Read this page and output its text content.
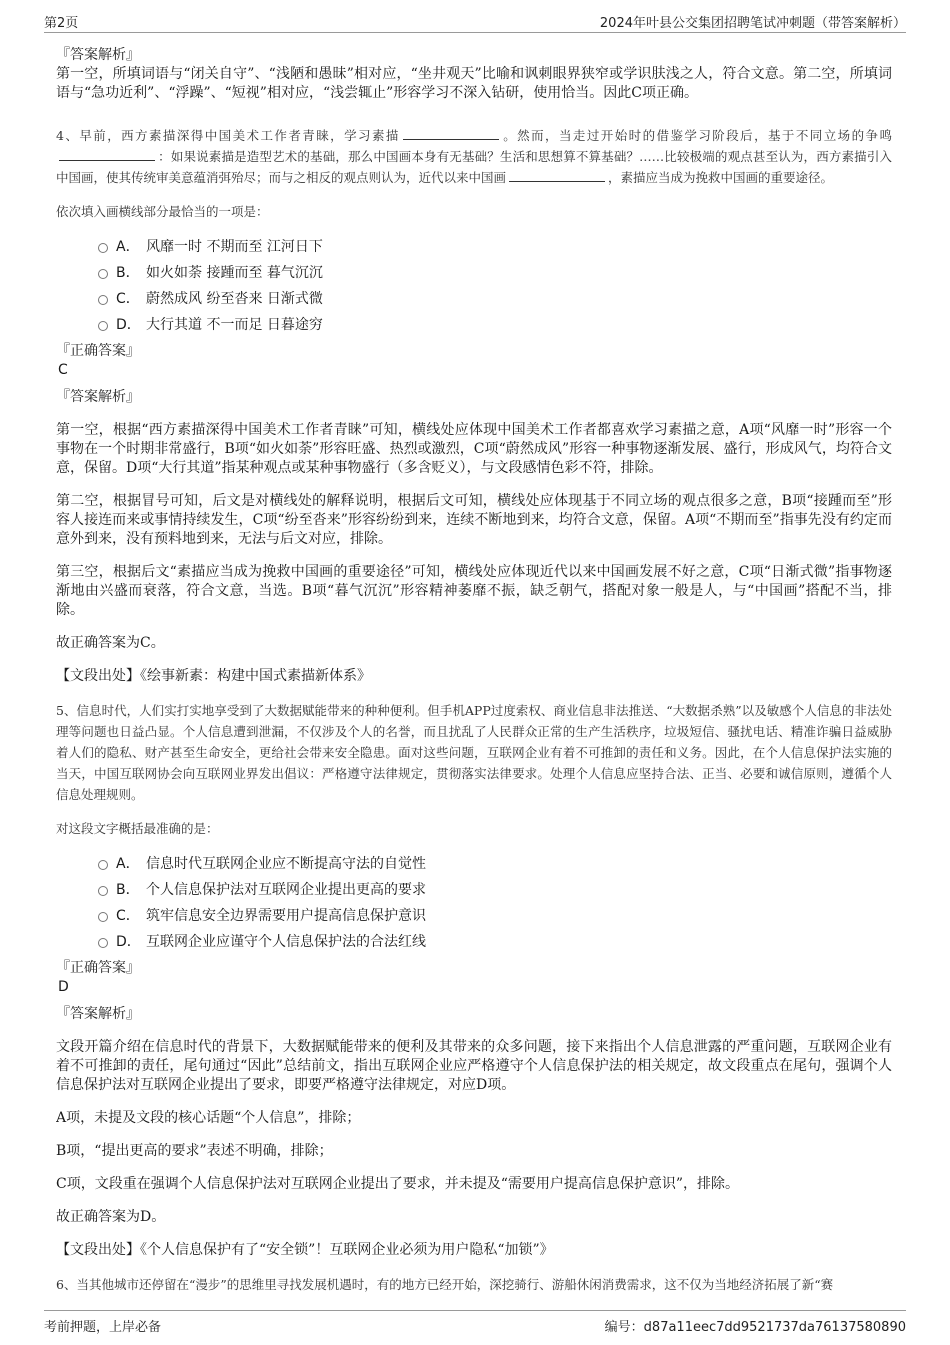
第2页	2024年叶县公交集团招聘笔试冲刺题（带答案解析）
『答案解析』

第一空，所填词语与“闭关自守”、“浅陋和愚昧”相对应，“坐井观天”比喻和讽刺眼界狭窄或学识肤浅之人，符合文意。第二空，所填词语与“急功近利”、“浮躁”、“短视”相对应，“浅尝辄止”形容学习不深入钻研，使用恰当。因此C项正确。

4、早前，西方素描深得中国美术工作者青睐，学习素描	。然而，当走过开始时的借鉴学习阶段后，基于不同立场的争鸣：如果说素描是造型艺术的基础，那么中国画本身有无基础？生活和思想算不算基础？……比较极端的观点甚至认为，西方素描引入中国画，使其传统审美意蕴消弭殆尽；而与之相反的观点则认为，近代以来中国画	，素描应当成为挽救中国画的重要途径。

依次填入画横线部分最恰当的一项是：

A． 风靡一时 不期而至 江河日下
B． 如火如荼 接踵而至 暮气沉沉
C． 蔚然成风 纷至沓来 日渐式微
D． 大行其道 不一而足 日暮途穷
『正确答案』
C
『答案解析』

第一空，根据“西方素描深得中国美术工作者青睐”可知，横线处应体现中国美术工作者都喜欢学习素描之意，A项“风靡一时”形容一个事物在一个时期非常盛行，B项“如火如荼”形容旺盛、热烈或激烈，C项“蔚然成风”形容一种事物逐渐发展、盛行，形成风气，均符合文意，保留。D项“大行其道”指某种观点或某种事物盛行（多含贬义），与文段感情色彩不符，排除。

第二空，根据冒号可知，后文是对横线处的解释说明，根据后文可知，横线处应体现基于不同立场的观点很多之意，B项“接踵而至”形容人接连而来或事情持续发生，C项“纷至沓来”形容纷纷到来，连续不断地到来，均符合文意，保留。A项“不期而至”指事先没有约定而意外到来，没有预料地到来，无法与后文对应，排除。

第三空，根据后文“素描应当成为挽救中国画的重要途径”可知，横线处应体现近代以来中国画发展不好之意，C项“日渐式微”指事物逐渐地由兴盛而衰落，符合文意，当选。B项“暮气沉沉”形容精神萎靡不振，缺乏朝气，搭配对象一般是人，与“中国画”搭配不当，排除。

故正确答案为C。

【文段出处】《绘事新素：构建中国式素描新体系》

5、信息时代，人们实打实地享受到了大数据赋能带来的种种便利。但手机APP过度索权、商业信息非法推送、“大数据杀熟”以及敏感个人信息的非法处理等问题也日益凸显。个人信息遭到泄漏，不仅涉及个人的名誉，而且扰乱了人民群众正常的生产生活秩序，垃圾短信、骚扰电话、精准诈骗日益威胁着人们的隐私、财产甚至生命安全，更给社会带来安全隐患。面对这些问题，互联网企业有着不可推卸的责任和义务。因此，在个人信息保护法实施的当天，中国互联网协会向互联网业界发出倡议：严格遵守法律规定，贯彻落实法律要求。处理个人信息应坚持合法、正当、必要和诚信原则，遵循个人信息处理规则。

对这段文字概括最准确的是：

A． 信息时代互联网企业应不断提高守法的自觉性
B． 个人信息保护法对互联网企业提出更高的要求
C． 筑牢信息安全边界需要用户提高信息保护意识
D． 互联网企业应谨守个人信息保护法的合法红线
『正确答案』
D
『答案解析』

文段开篇介绍在信息时代的背景下，大数据赋能带来的便利及其带来的众多问题，接下来指出个人信息泄露的严重问题，互联网企业有着不可推卸的责任，尾句通过“因此”总结前文，指出互联网企业应严格遵守个人信息保护法的相关规定，故文段重点在尾句，强调个人信息保护法对互联网企业提出了要求，即要严格遵守法律规定，对应D项。

A项，未提及文段的核心话题“个人信息”，排除；

B项，“提出更高的要求”表述不明确，排除；

C项，文段重在强调个人信息保护法对互联网企业提出了要求，并未提及“需要用户提高信息保护意识”，排除。

故正确答案为D。

【文段出处】《个人信息保护有了“安全锁”！互联网企业必须为用户隐私“加锁”》

6、当其他城市还停留在“漫步”的思维里寻找发展机遇时，有的地方已经开始，深挖骑行、游船休闲消费需求，这不仅为当地经济拓展了新“赛

考前押题，上岸必备	编号：d87a11eec7dd9521737da76137580890
